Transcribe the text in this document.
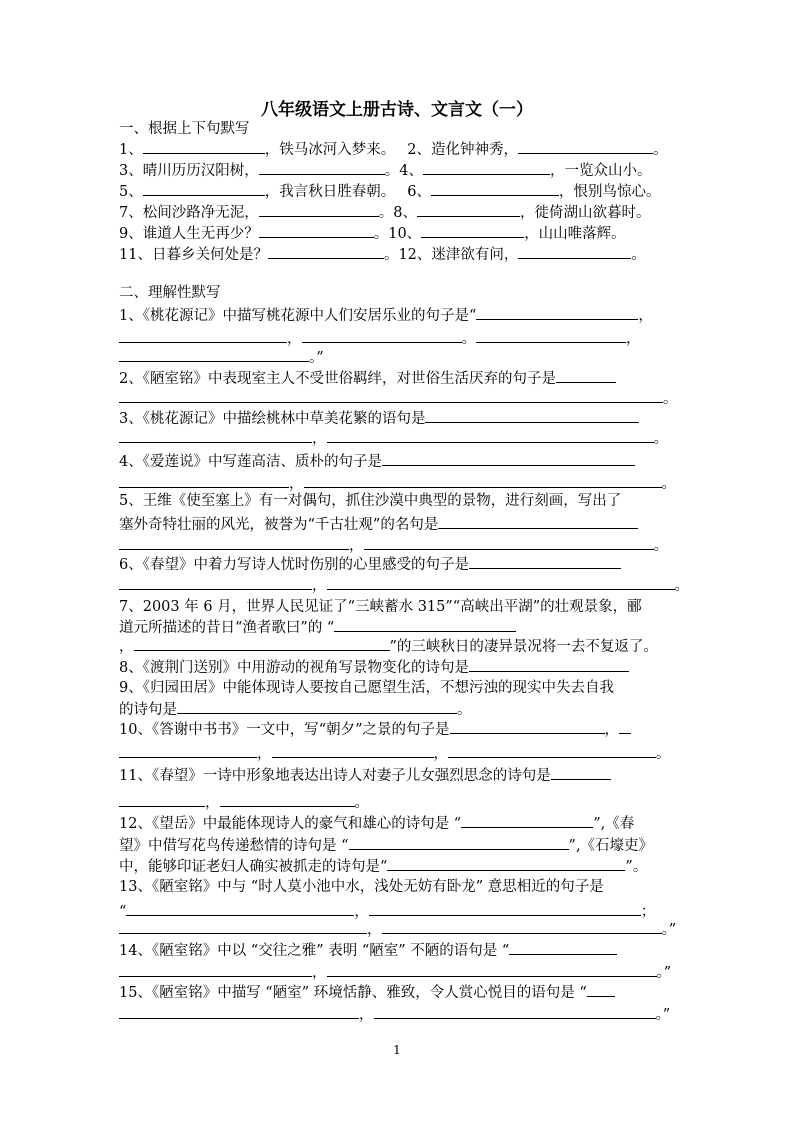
八年级语文上册古诗、文言文（一）
一、根据上下句默写
1、	，铁马冰河入梦来。 2、造化钟神秀，	。
3、晴川历历汉阳树，	。4、	，一览众山小。
5、	，我言秋日胜春朝。 6、	，恨别鸟惊心。
7、松间沙路净无泥，	。8、	，徙倚湖山欲暮时。
9、谁道人生无再少？	。10、	，山山唯落辉。
11、日暮乡关何处是？	。12、迷津欲有问，	。
二、理解性默写
1、《桃花源记》中描写桃花源中人们安居乐业的句子是“	，
，	。	，
。”
2、《陋室铭》中表现室主人不受世俗羁绊，对世俗生活厌弃的句子是
。
3、《桃花源记》中描绘桃林中草美花繁的语句是
，	。
4、《爱莲说》中写莲高洁、质朴的句子是
，	。
5、王维《使至塞上》有一对偶句，抓住沙漠中典型的景物，进行刻画，写出了
塞外奇特壮丽的风光，被誉为“千古壮观”的名句是
，	。
6、《春望》中着力写诗人忧时伤别的心里感受的句子是
，	。
7、2003 年 6 月，世界人民见证了“三峡蓄水 315”“高峡出平湖”的壮观景象，郦
道元所描述的昔日“渔者歌曰”的 “
，	”的三峡秋日的凄异景况将一去不复返了。
8、《渡荆门送别》中用游动的视角写景物变化的诗句是
9、《归园田居》中能体现诗人要按自己愿望生活，不想污浊的现实中失去自我
的诗句是	。
10、《答谢中书书》一文中，写“朝夕”之景的句子是	，
，	，	。
11、《春望》一诗中形象地表达出诗人对妻子儿女强烈思念的诗句是
，	。
12、《望岳》中最能体现诗人的豪气和雄心的诗句是 “	”,《春
望》中借写花鸟传递愁情的诗句是 “	”,《石壕吏》
中，能够印证老妇人确实被抓走的诗句是“	”。
13、《陋室铭》中与 “时人莫小池中水，浅处无妨有卧龙” 意思相近的句子是
“	，	；
，	。”
14、《陋室铭》中以 “交往之雅” 表明 “陋室” 不陋的语句是 “
，	。”
15、《陋室铭》中描写 “陋室” 环境恬静、雅致，令人赏心悦目的语句是 “
，	。”
1
